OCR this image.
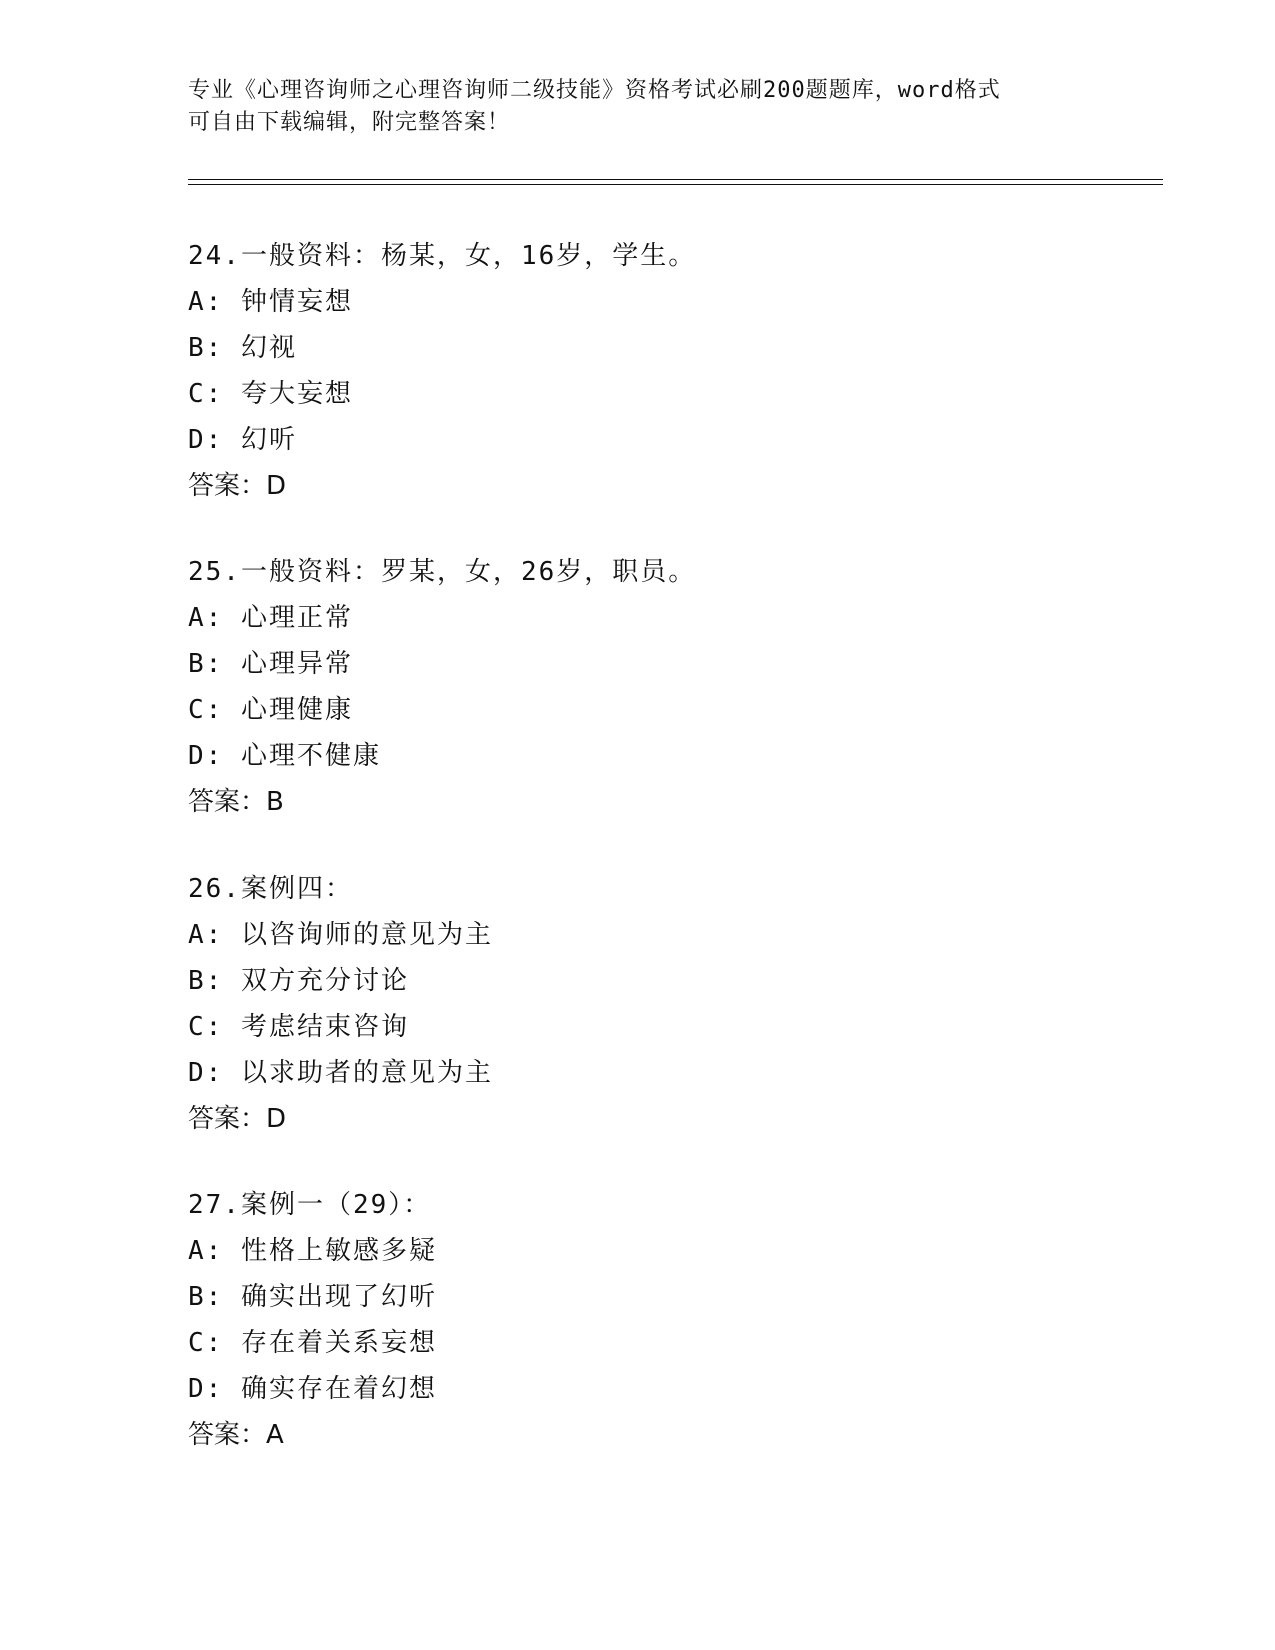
专业《心理咨询师之心理咨询师二级技能》资格考试必刷200题题库，word格式
可自由下载编辑，附完整答案！
24.一般资料：杨某，女，16岁，学生。
A: 钟情妄想
B: 幻视
C: 夸大妄想
D: 幻听
答案：D
25.一般资料：罗某，女，26岁，职员。
A: 心理正常
B: 心理异常
C: 心理健康
D: 心理不健康
答案：B
26.案例四：
A: 以咨询师的意见为主
B: 双方充分讨论
C: 考虑结束咨询
D: 以求助者的意见为主
答案：D
27.案例一（29）：
A: 性格上敏感多疑
B: 确实出现了幻听
C: 存在着关系妄想
D: 确实存在着幻想
答案：A
